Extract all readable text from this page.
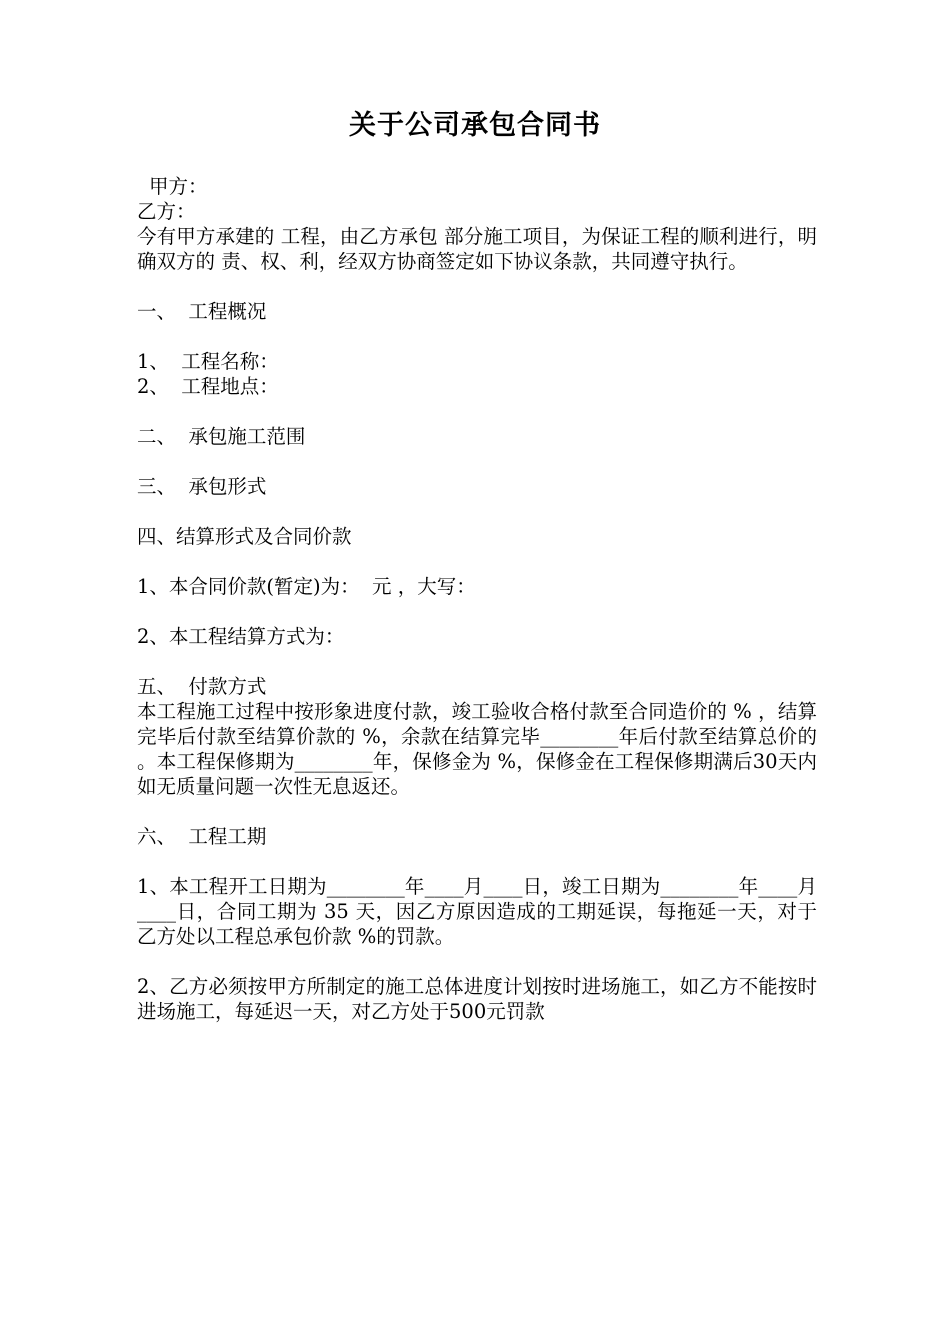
关于公司承包合同书
甲方：
乙方：
今有甲方承建的 工程，由乙方承包 部分施工项目，为保证工程的顺利进行，明确双方的 责、权、利，经双方协商签定如下协议条款，共同遵守执行。
一、  工程概况
1、  工程名称：
2、  工程地点：
二、  承包施工范围
三、  承包形式
四、结算形式及合同价款
1、本合同价款(暂定)为：  元 ，大写：
2、本工程结算方式为：
五、  付款方式
本工程施工过程中按形象进度付款，竣工验收合格付款至合同造价的 % ，结算完毕后付款至结算价款的 %，余款在结算完毕________年后付款至结算总价的 。本工程保修期为________年，保修金为 %，保修金在工程保修期满后30天内如无质量问题一次性无息返还。
六、  工程工期
1、本工程开工日期为________年____月____日，竣工日期为________年____月____日，合同工期为 35 天，因乙方原因造成的工期延误，每拖延一天，对于乙方处以工程总承包价款 %的罚款。
2、乙方必须按甲方所制定的施工总体进度计划按时进场施工，如乙方不能按时进场施工，每延迟一天，对乙方处于500元罚款
